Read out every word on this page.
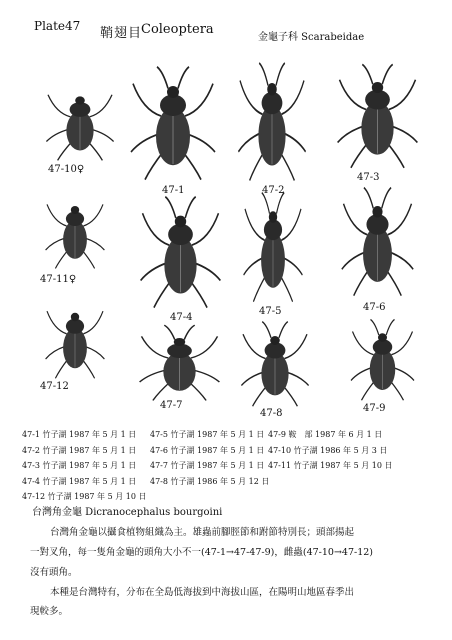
Plate47 鞘翅目
Coleoptera
金龜子科 Scarabeidae
47-10♀
47-1	47-2
47-3
47-11♀
47-4
47-5	47-6
47-12
47-7
47-8	47-9
47-1 竹子湖 1987 年 5 月 1 日
47-2 竹子湖 1987 年 5 月 1 日
47-3 竹子湖 1987 年 5 月 1 日
47-4 竹子湖 1987 年 5 月 1 日
47-12 竹子湖 1987 年 5 月 10 日
47-5 竹子湖 1987 年 5 月 1 日
47-6 竹子湖 1987 年 5 月 1 日
47-7 竹子湖 1987 年 5 月 1 日
47-8 竹子湖 1986 年 5 月 12 日
47-9 鞍　部 1987 年 6 月 1 日
47-10 竹子湖 1986 年 5 月 3 日
47-11 竹子湖 1987 年 5 月 10 日
台灣角金龜 Dicranocephalus bourgoini
台灣角金龜以攝食植物組織為主。雄蟲前腳脛節和跗節特別長；頭部揚起
一對叉角，每一隻角金龜的頭角大小不一(47-1→47-47-9)，雌蟲(47-10→47-12)
沒有頭角。
本種是台灣特有，分布在全島低海拔到中海拔山區，在陽明山地區春季出
現較多。
